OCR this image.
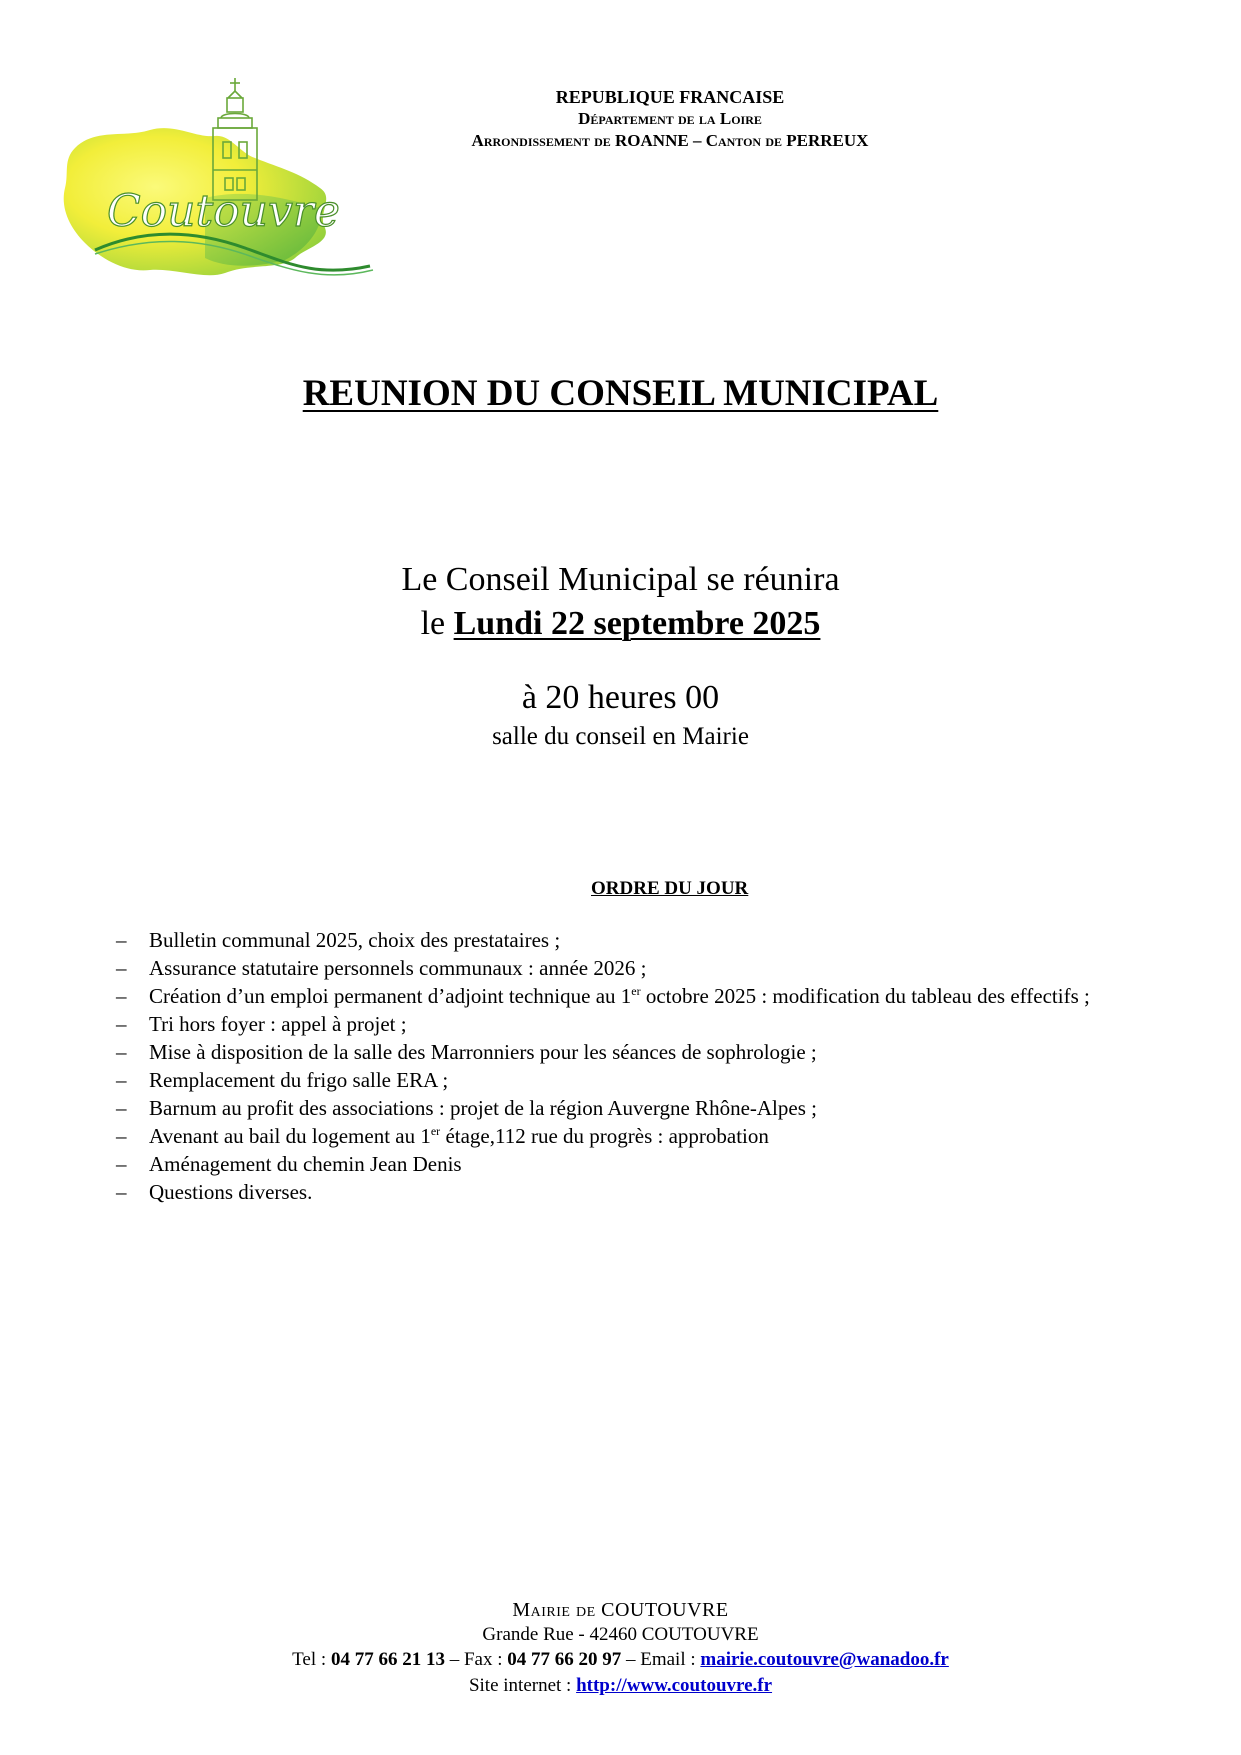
Coutouvre
REPUBLIQUE FRANCAISE
Département de la Loire
Arrondissement de ROANNE – Canton de PERREUX
REUNION DU CONSEIL MUNICIPAL
Le Conseil Municipal se réunira
le Lundi 22 septembre 2025
à 20 heures 00
salle du conseil en Mairie
ORDRE DU JOUR
– Bulletin communal 2025, choix des prestataires ;
– Assurance statutaire personnels communaux : année 2026 ;
– Création d’un emploi permanent d’adjoint technique au 1er octobre 2025 : modification du tableau des effectifs ;
– Tri hors foyer : appel à projet ;
– Mise à disposition de la salle des Marronniers pour les séances de sophrologie ;
– Remplacement du frigo salle ERA ;
– Barnum au profit des associations : projet de la région Auvergne Rhône-Alpes ;
– Avenant au bail du logement au 1er étage,112 rue du progrès : approbation
– Aménagement du chemin Jean Denis
– Questions diverses.
Mairie de COUTOUVRE
Grande Rue - 42460 COUTOUVRE
Tel : 04 77 66 21 13 – Fax : 04 77 66 20 97 – Email : mairie.coutouvre@wanadoo.fr
Site internet : http://www.coutouvre.fr
